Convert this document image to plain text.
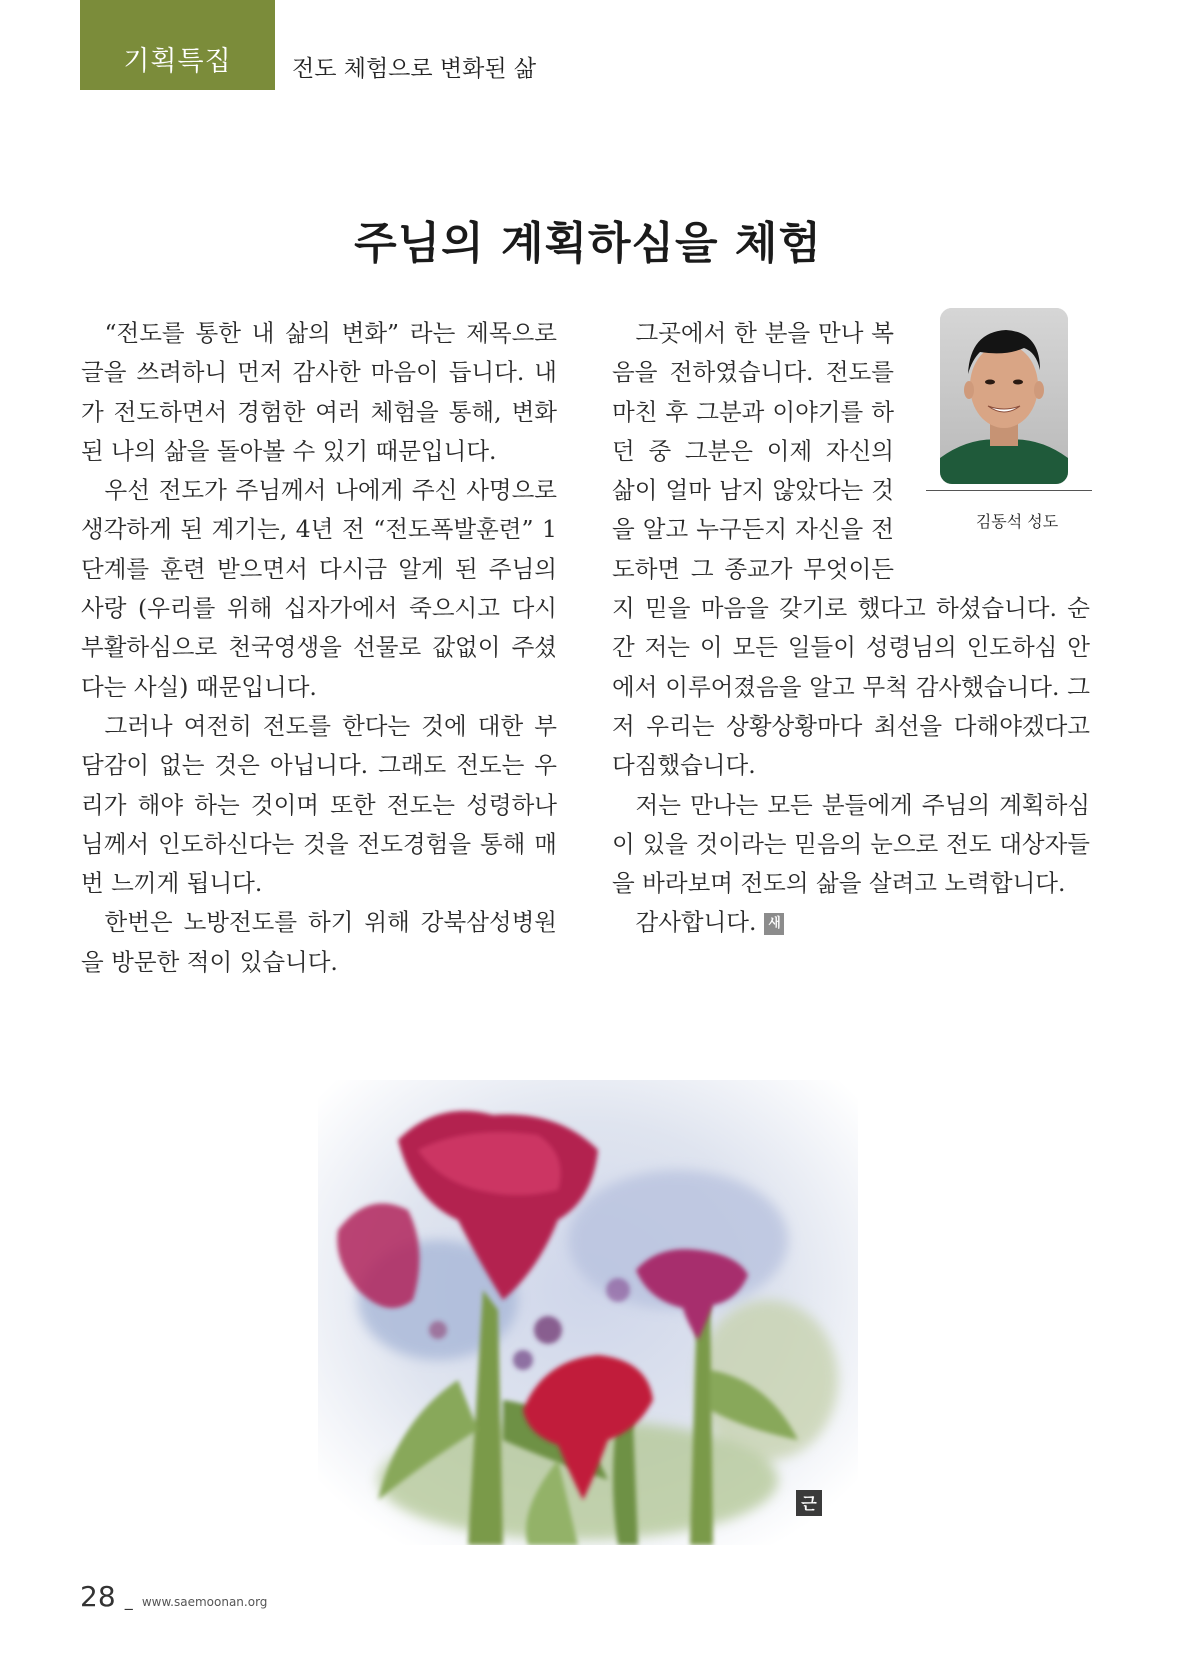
기획특집	전도 체험으로 변화된 삶
주님의 계획하심을 체험

“전도를 통한 내 삶의 변화” 라는 제목으로 글을 쓰려하니 먼저 감사한 마음이 듭니다. 내가 전도하면서 경험한 여러 체험을 통해, 변화된 나의 삶을 돌아볼 수 있기 때문입니다.

우선 전도가 주님께서 나에게 주신 사명으로 생각하게 된 계기는, 4년 전 “전도폭발훈련” 1단계를 훈련 받으면서 다시금 알게 된 주님의 사랑 (우리를 위해 십자가에서 죽으시고 다시 부활하심으로 천국영생을 선물로 값없이 주셨다는 사실) 때문입니다.

그러나 여전히 전도를 한다는 것에 대한 부담감이 없는 것은 아닙니다. 그래도 전도는 우리가 해야 하는 것이며 또한 전도는 성령하나님께서 인도하신다는 것을 전도경험을 통해 매번 느끼게 됩니다.

한번은 노방전도를 하기 위해 강북삼성병원을 방문한 적이 있습니다.

김동석 성도

그곳에서 한 분을 만나 복음을 전하였습니다. 전도를 마친 후 그분과 이야기를 하던 중 그분은 이제 자신의 삶이 얼마 남지 않았다는 것을 알고 누구든지 자신을 전도하면 그 종교가 무엇이든지 믿을 마음을 갖기로 했다고 하셨습니다. 순간 저는 이 모든 일들이 성령님의 인도하심 안에서 이루어졌음을 알고 무척 감사했습니다. 그저 우리는 상황상황마다 최선을 다해야겠다고 다짐했습니다.

저는 만나는 모든 분들에게 주님의 계획하심이 있을 것이라는 믿음의 눈으로 전도 대상자들을 바라보며 전도의 삶을 살려고 노력합니다.

감사합니다. 새

근
28 _ www.saemoonan.org
